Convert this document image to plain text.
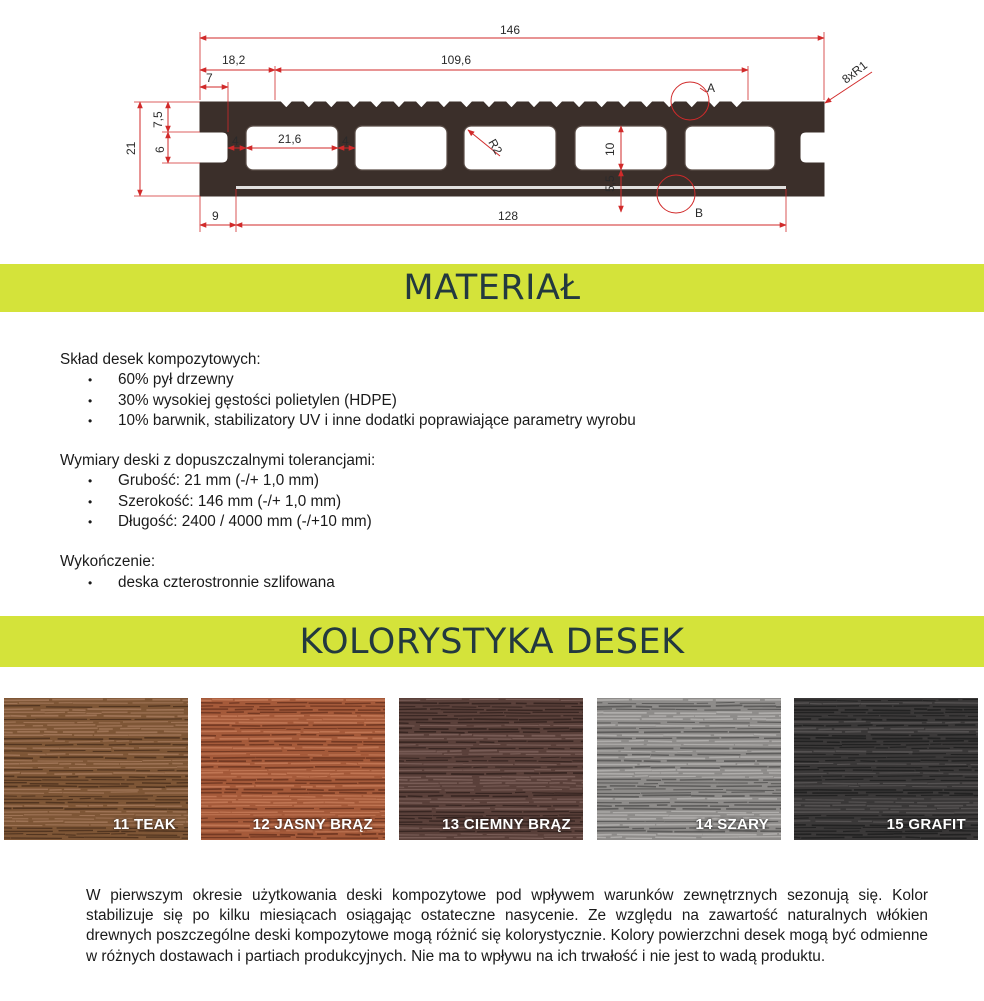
146
18,2	109,6
7	8xR1
A
21
7,5
6
4	21,6	4	R2	10
5,5
B
9	128
MATERIAŁ

Skład desek kompozytowych:

• 60% pył drzewny
• 30% wysokiej gęstości polietylen (HDPE)
• 10% barwnik, stabilizatory UV i inne dodatki poprawiające parametry wyrobu

Wymiary deski z dopuszczalnymi tolerancjami:

• Grubość: 21 mm (-/+ 1,0 mm)
• Szerokość: 146 mm (-/+ 1,0 mm)
• Długość: 2400 / 4000 mm (-/+10 mm)

Wykończenie:

• deska czterostronnie szlifowana
KOLORYSTYKA DESEK
11 TEAK	12 JASNY BRĄZ	13 CIEMNY BRĄZ	14 SZARY	15 GRAFIT

W pierwszym okresie użytkowania deski kompozytowe pod wpływem warunków zewnętrznych sezonują się. Kolor stabilizuje się po kilku miesiącach osiągając ostateczne nasycenie. Ze względu na zawartość naturalnych włókien drewnych poszczególne deski kompozytowe mogą różnić się kolorystycznie. Kolory powierzchni desek mogą być odmienne w różnych dostawach i partiach produkcyjnych. Nie ma to wpływu na ich trwałość i nie jest to wadą produktu.
